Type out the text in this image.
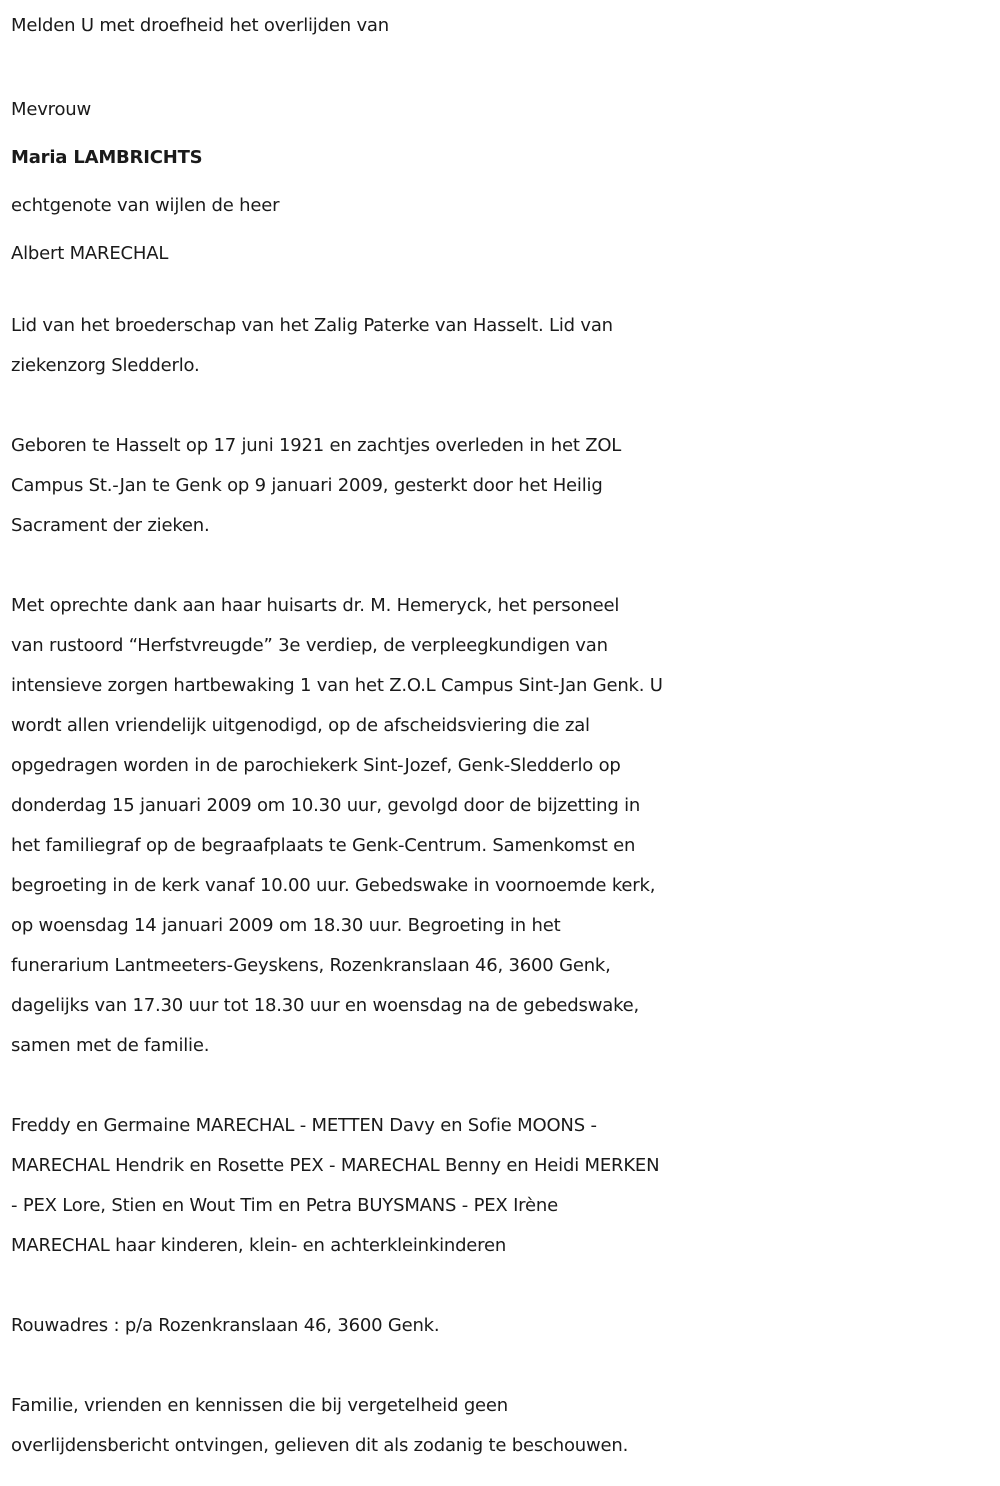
Melden U met droefheid het overlijden van
Mevrouw
Maria LAMBRICHTS
echtgenote van wijlen de heer
Albert MARECHAL
Lid van het broederschap van het Zalig Paterke van Hasselt. Lid van
ziekenzorg Sledderlo.
Geboren te Hasselt op 17 juni 1921 en zachtjes overleden in het ZOL
Campus St.-Jan te Genk op 9 januari 2009, gesterkt door het Heilig
Sacrament der zieken.
Met oprechte dank aan haar huisarts dr. M. Hemeryck, het personeel
van rustoord “Herfstvreugde” 3e verdiep, de verpleegkundigen van
intensieve zorgen hartbewaking 1 van het Z.O.L Campus Sint-Jan Genk. U
wordt allen vriendelijk uitgenodigd, op de afscheidsviering die zal
opgedragen worden in de parochiekerk Sint-Jozef, Genk-Sledderlo op
donderdag 15 januari 2009 om 10.30 uur, gevolgd door de bijzetting in
het familiegraf op de begraafplaats te Genk-Centrum. Samenkomst en
begroeting in de kerk vanaf 10.00 uur. Gebedswake in voornoemde kerk,
op woensdag 14 januari 2009 om 18.30 uur. Begroeting in het
funerarium Lantmeeters-Geyskens, Rozenkranslaan 46, 3600 Genk,
dagelijks van 17.30 uur tot 18.30 uur en woensdag na de gebedswake,
samen met de familie.
Freddy en Germaine MARECHAL - METTEN Davy en Sofie MOONS -
MARECHAL Hendrik en Rosette PEX - MARECHAL Benny en Heidi MERKEN
- PEX Lore, Stien en Wout Tim en Petra BUYSMANS - PEX Irène
MARECHAL haar kinderen, klein- en achterkleinkinderen
Rouwadres : p/a Rozenkranslaan 46, 3600 Genk.
Familie, vrienden en kennissen die bij vergetelheid geen
overlijdensbericht ontvingen, gelieven dit als zodanig te beschouwen.
